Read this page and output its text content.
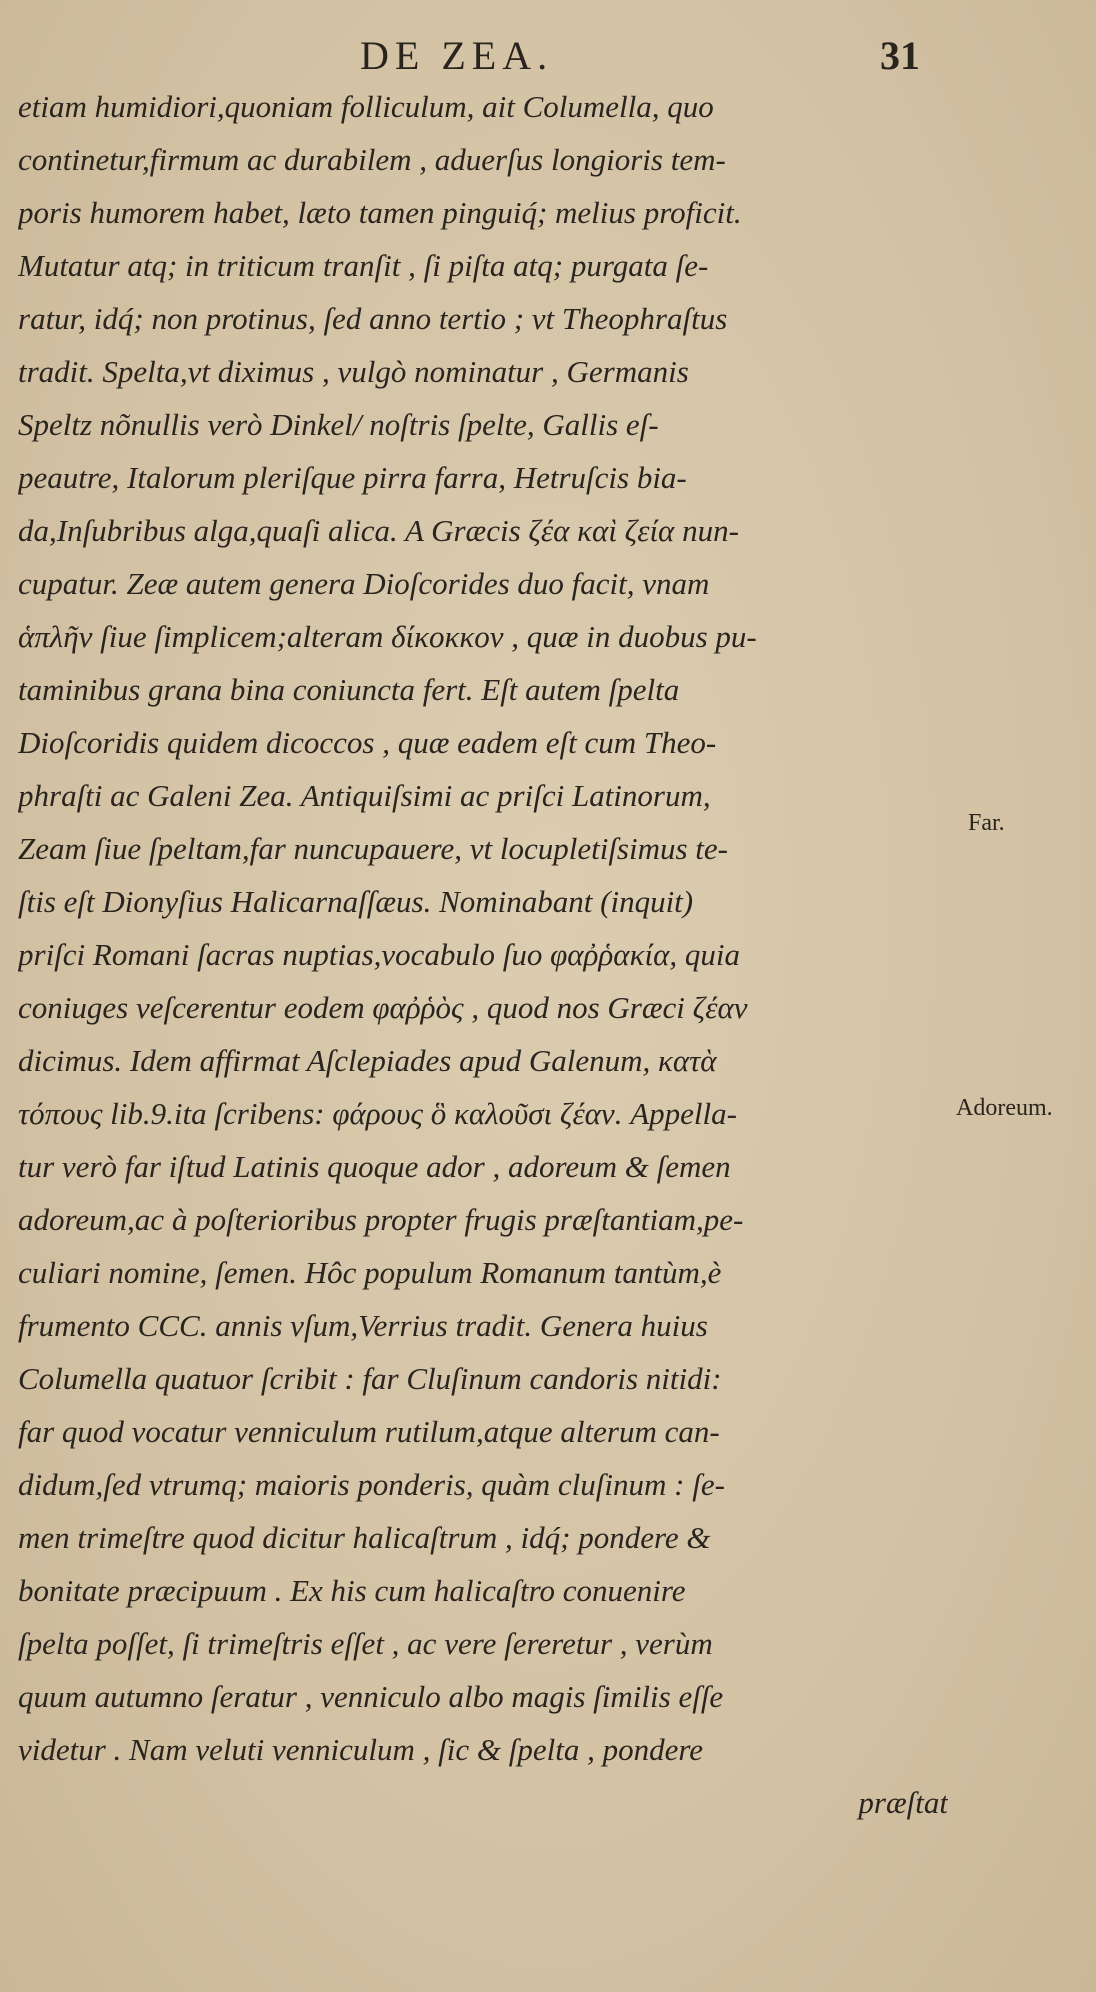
DE ZEA.	31
etiam humidiori,quoniam folliculum, ait Columella, quo
continetur,firmum ac durabilem , aduerſus longioris tem-
poris humorem habet, læto tamen pinguiq́; melius proficit.
Mutatur atq; in triticum tranſit , ſi piſta atq; purgata ſe-
ratur, idq́; non protinus, ſed anno tertio ; vt Theophraſtus
tradit. Spelta,vt diximus , vulgò nominatur , Germanis
Speltz nõnullis verò Dinkel/ noſtris ſpelte, Gallis eſ-
peautre, Italorum pleriſque pirra farra, Hetruſcis bia-
da,Inſubribus alga,quaſi alica. A Græcis ζέα καὶ ζεία nun-
cupatur. Zeæ autem genera Dioſcorides duo facit, vnam
ἁπλῆν ſiue ſimplicem;alteram δίκοκκον , quæ in duobus pu-
taminibus grana bina coniuncta fert. Eſt autem ſpelta
Dioſcoridis quidem dicoccos , quæ eadem eſt cum Theo-
phraſti ac Galeni Zea. Antiquiſsimi ac priſci Latinorum,
Zeam ſiue ſpeltam,far nuncupauere, vt locupletiſsimus te-
ſtis eſt Dionyſius Halicarnaſſæus. Nominabant (inquit)
priſci Romani ſacras nuptias,vocabulo ſuo φαῤῥακία, quia
coniuges veſcerentur eodem φαῤῥὸς , quod nos Græci ζέαν
dicimus. Idem affirmat Aſclepiades apud Galenum, κατὰ
τόπους lib.9.ita ſcribens: φάρους ὃ καλοῦσι ζέαν. Appella-
tur verò far iſtud Latinis quoque ador , adoreum & ſemen
adoreum,ac à poſterioribus propter frugis præſtantiam,pe-
culiari nomine, ſemen. Hôc populum Romanum tantùm,è
frumento CCC. annis vſum,Verrius tradit. Genera huius
Columella quatuor ſcribit : far Cluſinum candoris nitidi:
far quod vocatur venniculum rutilum,atque alterum can-
didum,ſed vtrumq; maioris ponderis, quàm cluſinum : ſe-
men trimeſtre quod dicitur halicaſtrum , idq́; pondere &
bonitate præcipuum . Ex his cum halicaſtro conuenire
ſpelta poſſet, ſi trimeſtris eſſet , ac vere ſereretur , verùm
quum autumno ſeratur , venniculo albo magis ſimilis eſſe
videtur . Nam veluti venniculum , ſic & ſpelta , pondere
præſtat
Far.
Adoreum.
